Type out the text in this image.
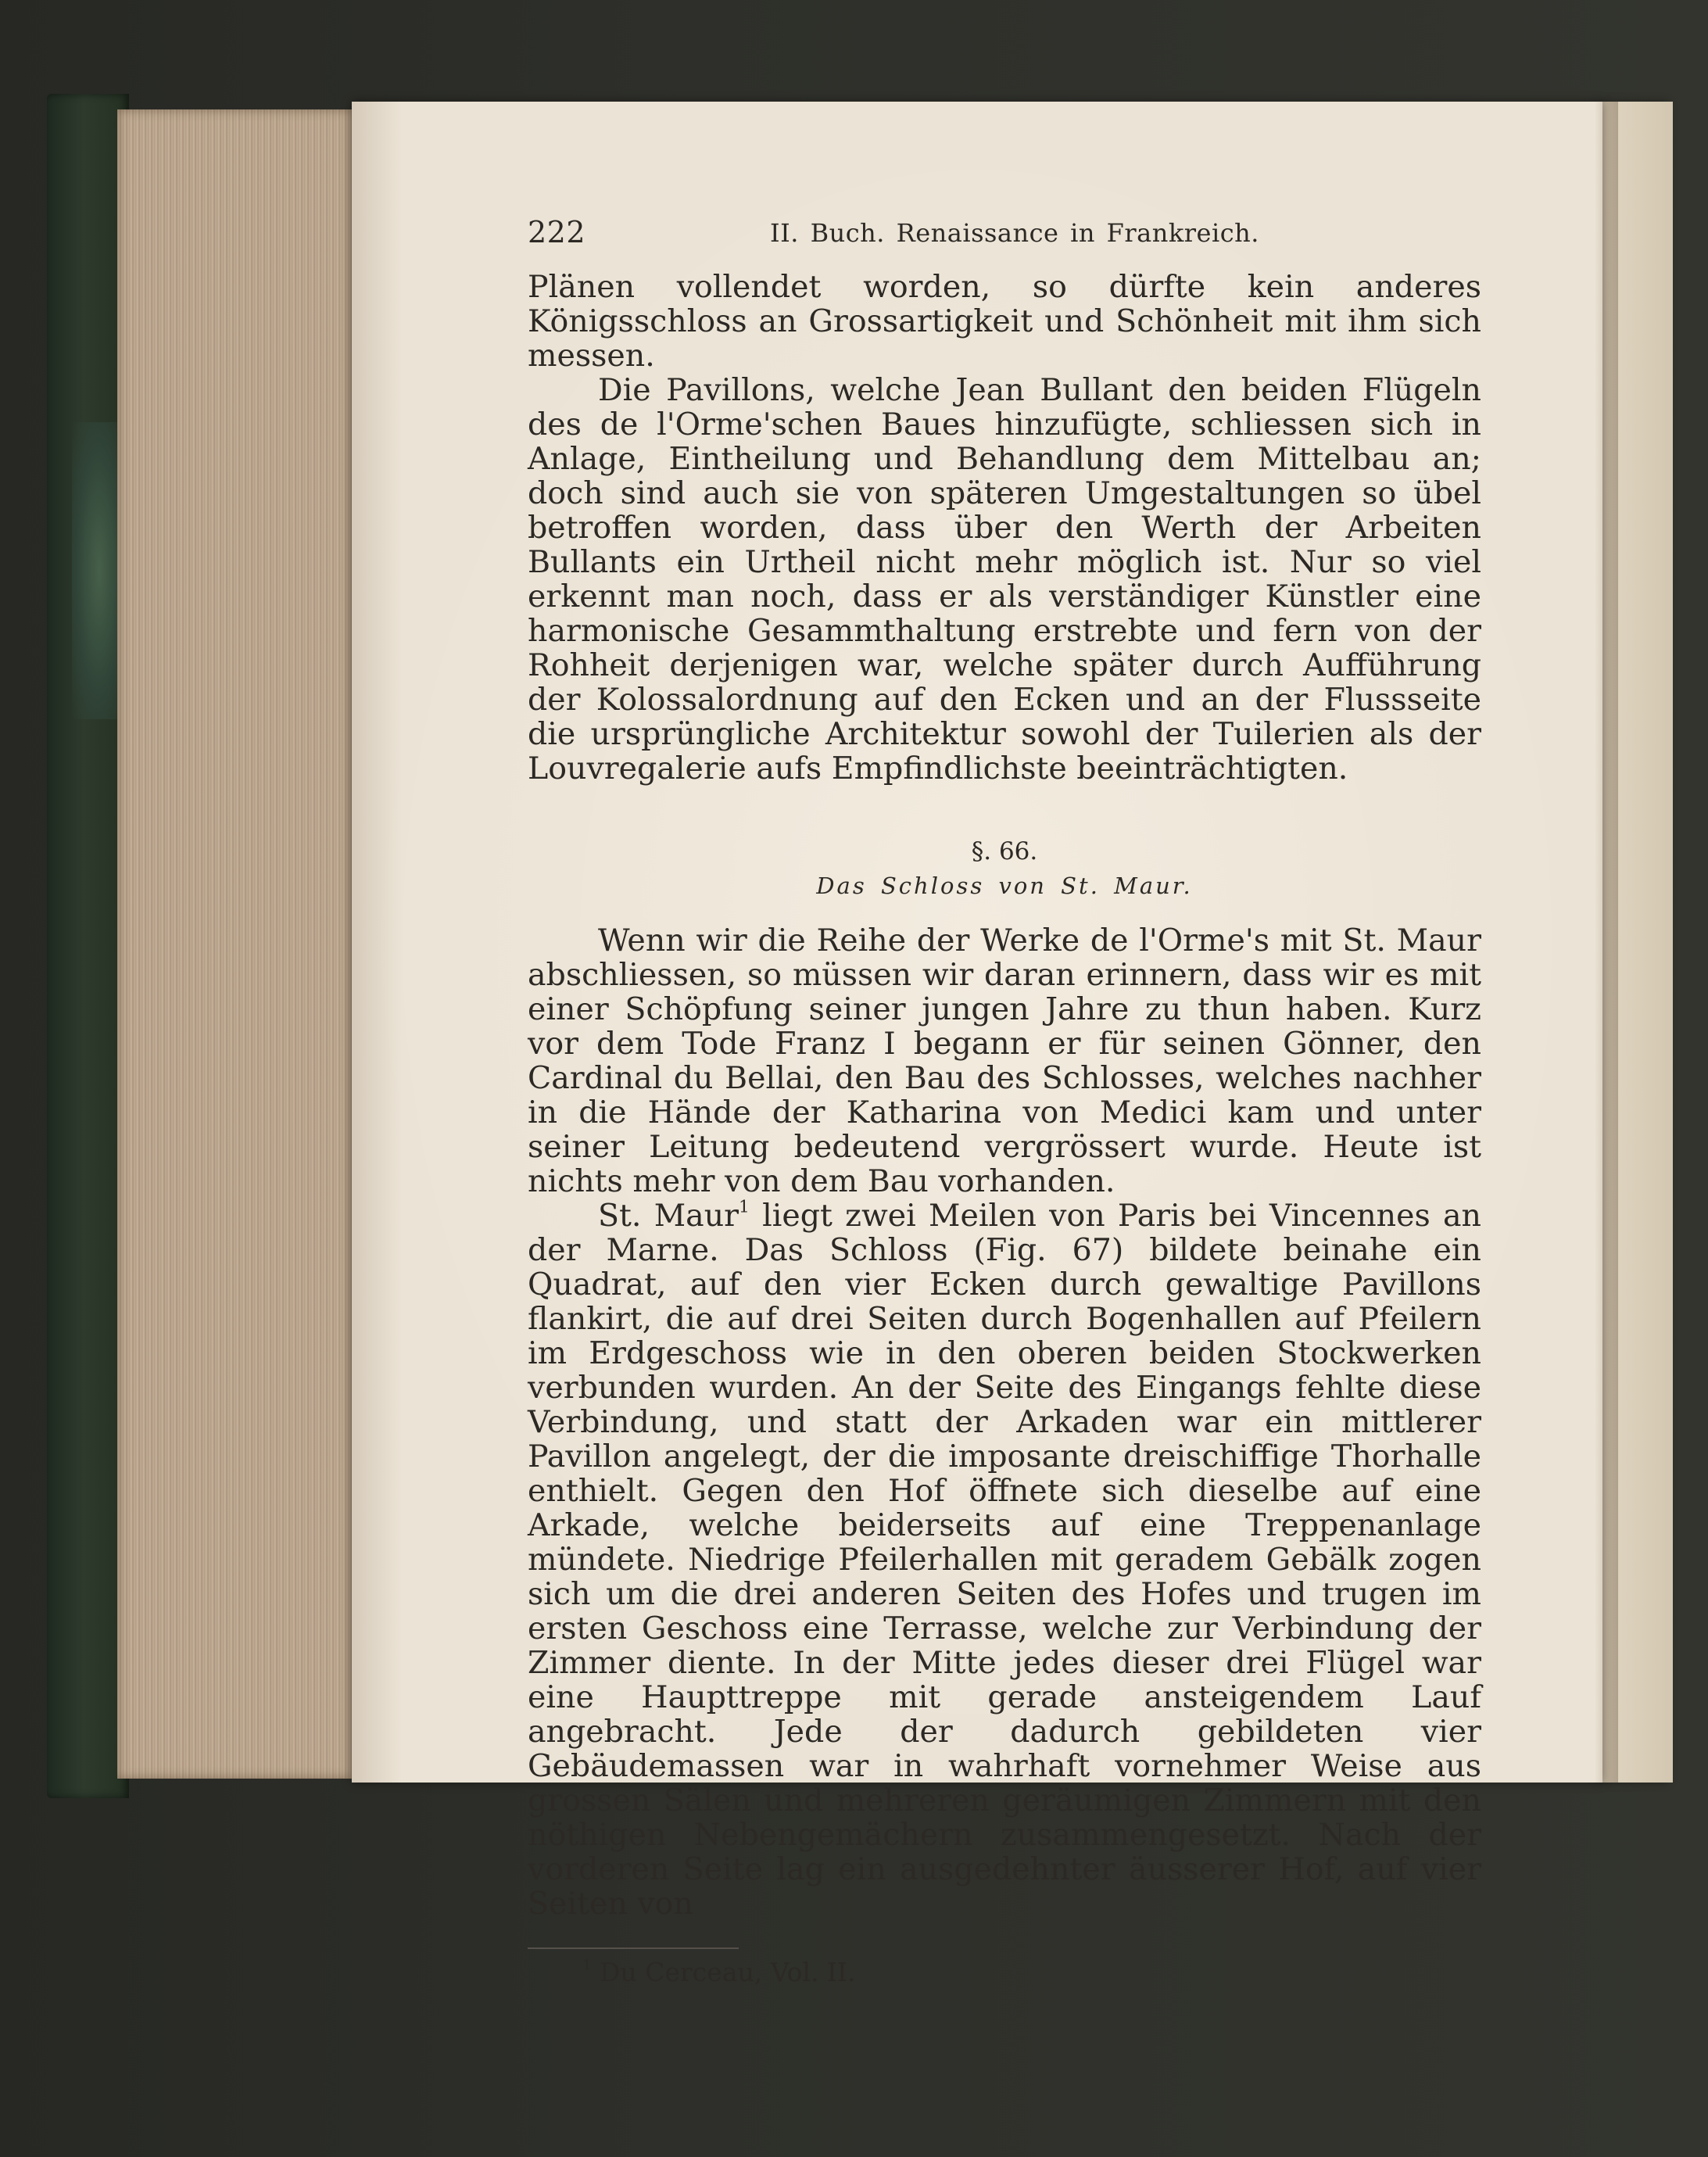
222	II. Buch. Renaissance in Frankreich.

Plänen vollendet worden, so dürfte kein anderes Königsschloss an Grossartigkeit und Schönheit mit ihm sich messen.

Die Pavillons, welche Jean Bullant den beiden Flügeln des de l'Orme'schen Baues hinzufügte, schliessen sich in Anlage, Eintheilung und Behandlung dem Mittelbau an; doch sind auch sie von späteren Umgestaltungen so übel betroffen worden, dass über den Werth der Arbeiten Bullants ein Urtheil nicht mehr möglich ist. Nur so viel erkennt man noch, dass er als verständiger Künstler eine harmonische Gesammthaltung erstrebte und fern von der Rohheit derjenigen war, welche später durch Aufführung der Kolossalordnung auf den Ecken und an der Flussseite die ursprüngliche Architektur sowohl der Tuilerien als der Louvregalerie aufs Empfindlichste beeinträchtigten.

§. 66.
Das Schloss von St. Maur.

Wenn wir die Reihe der Werke de l'Orme's mit St. Maur abschliessen, so müssen wir daran erinnern, dass wir es mit einer Schöpfung seiner jungen Jahre zu thun haben. Kurz vor dem Tode Franz I begann er für seinen Gönner, den Cardinal du Bellai, den Bau des Schlosses, welches nachher in die Hände der Katharina von Medici kam und unter seiner Leitung bedeutend vergrössert wurde. Heute ist nichts mehr von dem Bau vorhanden.

St. Maur$^1$ liegt zwei Meilen von Paris bei Vincennes an der Marne. Das Schloss (Fig. 67) bildete beinahe ein Quadrat, auf den vier Ecken durch gewaltige Pavillons flankirt, die auf drei Seiten durch Bogenhallen auf Pfeilern im Erdgeschoss wie in den oberen beiden Stockwerken verbunden wurden. An der Seite des Eingangs fehlte diese Verbindung, und statt der Arkaden war ein mittlerer Pavillon angelegt, der die imposante dreischiffige Thorhalle enthielt. Gegen den Hof öffnete sich dieselbe auf eine Arkade, welche beiderseits auf eine Treppenanlage mündete. Niedrige Pfeilerhallen mit geradem Gebälk zogen sich um die drei anderen Seiten des Hofes und trugen im ersten Geschoss eine Terrasse, welche zur Verbindung der Zimmer diente. In der Mitte jedes dieser drei Flügel war eine Haupttreppe mit gerade ansteigendem Lauf angebracht. Jede der dadurch gebildeten vier Gebäudemassen war in wahrhaft vornehmer Weise aus grossen Sälen und mehreren geräumigen Zimmern mit den nöthigen Nebengemächern zusammengesetzt. Nach der vorderen Seite lag ein ausgedehnter äusserer Hof, auf vier Seiten von

$^1$ Du Cerceau, Vol. II.
